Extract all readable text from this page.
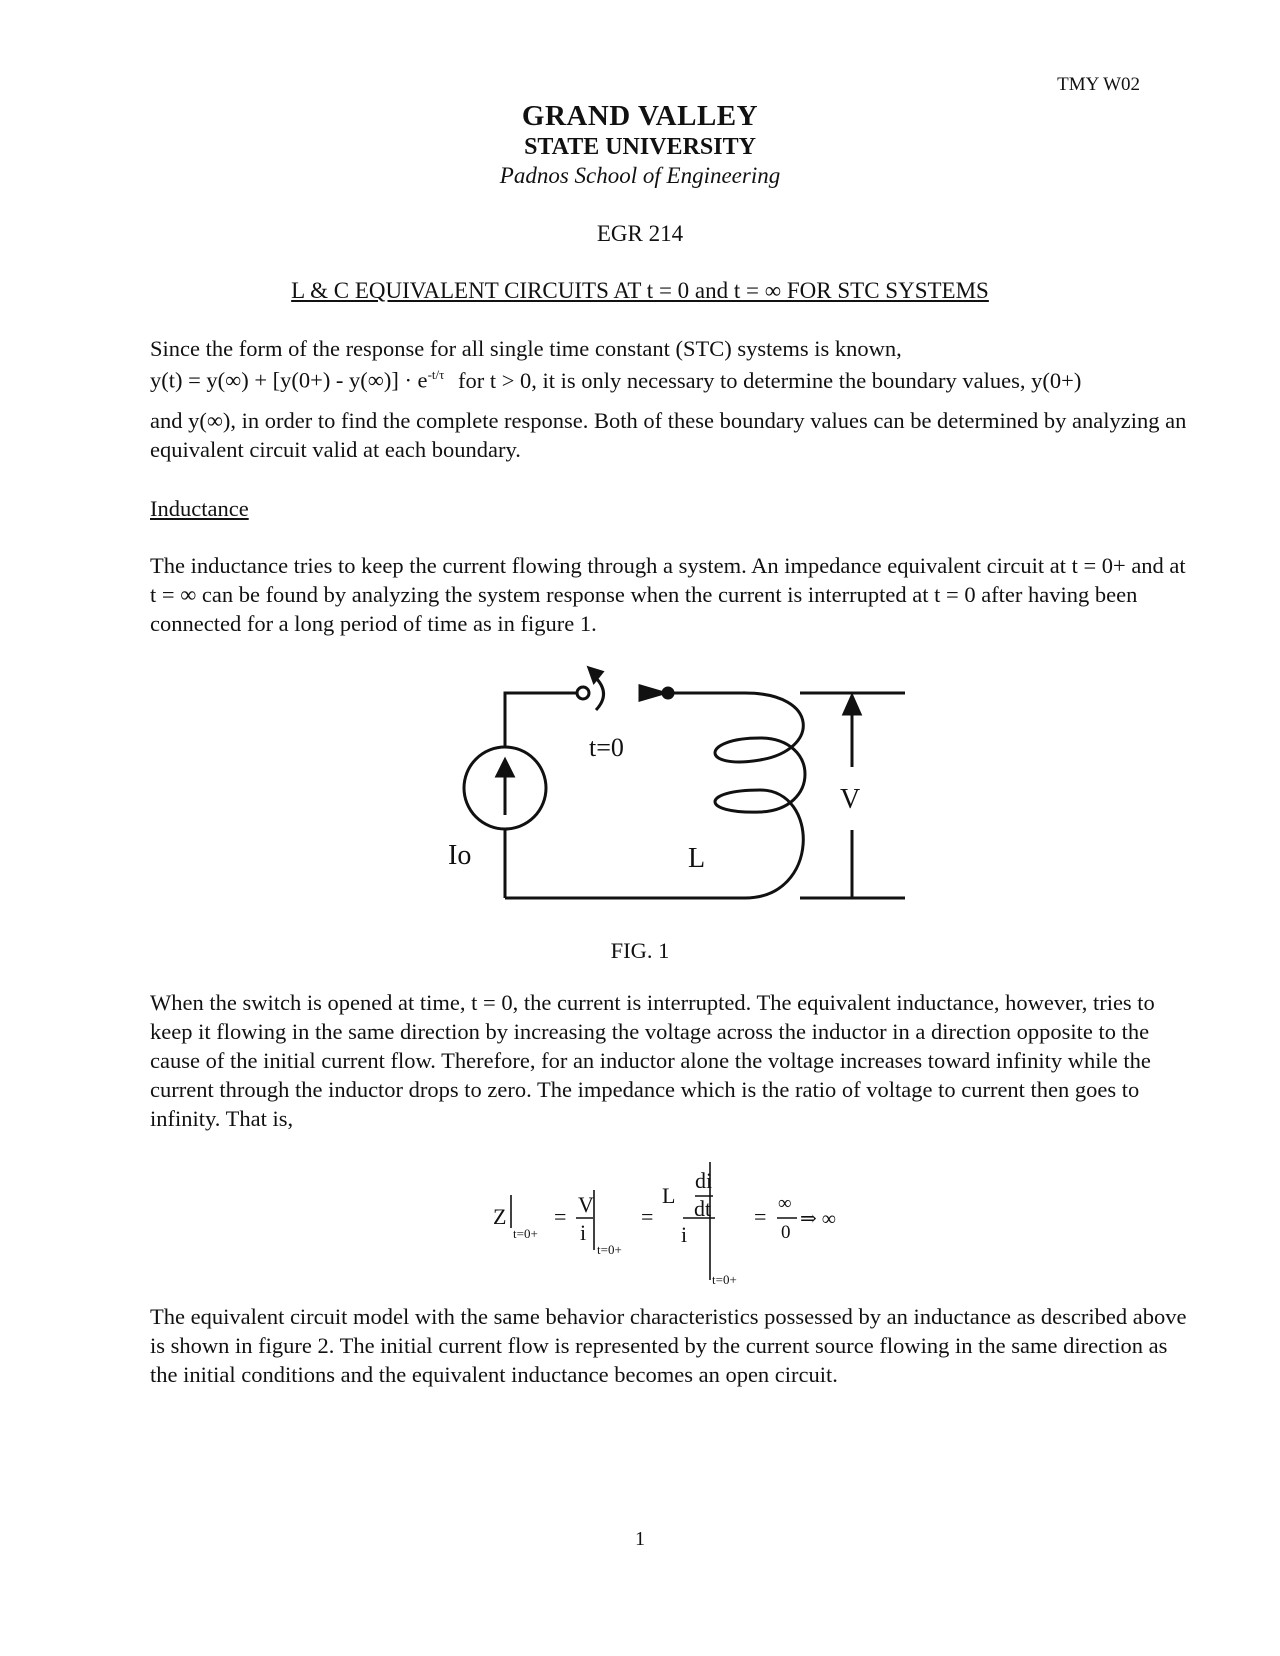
TMY W02
GRAND VALLEY
STATE UNIVERSITY
Padnos School of Engineering
EGR 214
L & C EQUIVALENT CIRCUITS AT t = 0 and t = ∞ FOR STC SYSTEMS
Since the form of the response for all single time constant (STC) systems is known,
$y(t) = y(\infty) + [y(0+) - y(\infty)] \cdot e^{-t/\tau}$ for t > 0, it is only necessary to determine the boundary values, y(0+)
and y(∞), in order to find the complete response. Both of these boundary values can be determined by analyzing an equivalent circuit valid at each boundary.
Inductance
The inductance tries to keep the current flowing through a system. An impedance equivalent circuit at t = 0+ and at t = ∞ can be found by analyzing the system response when the current is interrupted at t = 0 after having been connected for a long period of time as in figure 1.
t=0
Io	L
V
FIG. 1
When the switch is opened at time, t = 0, the current is interrupted. The equivalent inductance, however, tries to keep it flowing in the same direction by increasing the voltage across the inductor in a direction opposite to the cause of the initial current flow. Therefore, for an inductor alone the voltage increases toward infinity while the current through the inductor drops to zero. The impedance which is the ratio of voltage to current then goes to infinity. That is,
Z
t=0+
= V
i
t=0+
=
L
di
dt
i
t=0+
=
∞
0
⇒ ∞
The equivalent circuit model with the same behavior characteristics possessed by an inductance as described above is shown in figure 2. The initial current flow is represented by the current source flowing in the same direction as the initial conditions and the equivalent inductance becomes an open circuit.
1
